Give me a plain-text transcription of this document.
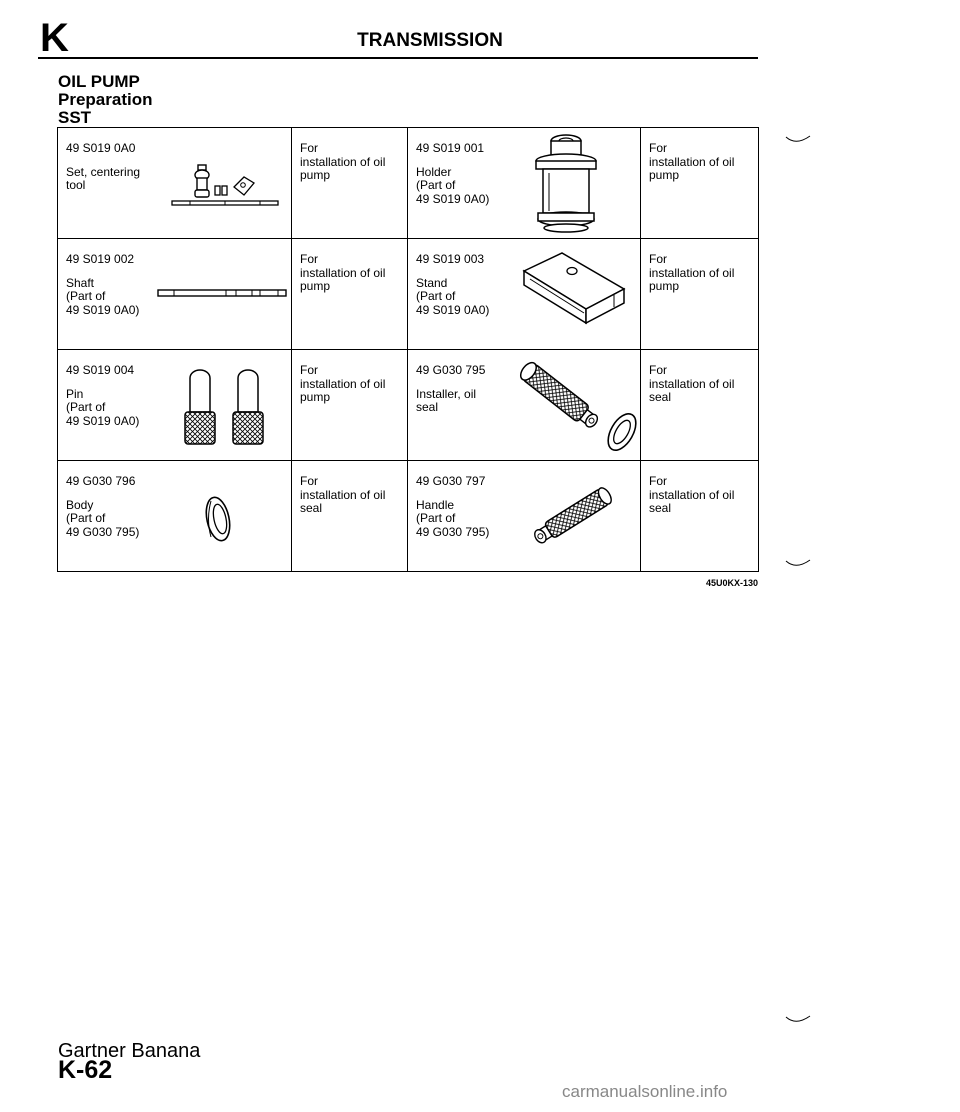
K	TRANSMISSION
OIL PUMP
Preparation
SST
49 S019 0A0
Set, centering
tool	For
installation of oil
pump	49 S019 001
Holder
(Part of
49 S019 0A0)	For
installation of oil
pump

49 S019 002
Shaft
(Part of
49 S019 0A0)	For
installation of oil
pump	49 S019 003
Stand
(Part of
49 S019 0A0)	For
installation of oil
pump

49 S019 004
Pin
(Part of
49 S019 0A0)	For
installation of oil
pump	49 G030 795
Installer, oil
seal	For
installation of oil
seal

49 G030 796
Body
(Part of
49 G030 795)	For
installation of oil
seal	49 G030 797
Handle
(Part of
49 G030 795)	For
installation of oil
seal
45U0KX-130
Gartner Banana
K-62
carmanualsonline.info
